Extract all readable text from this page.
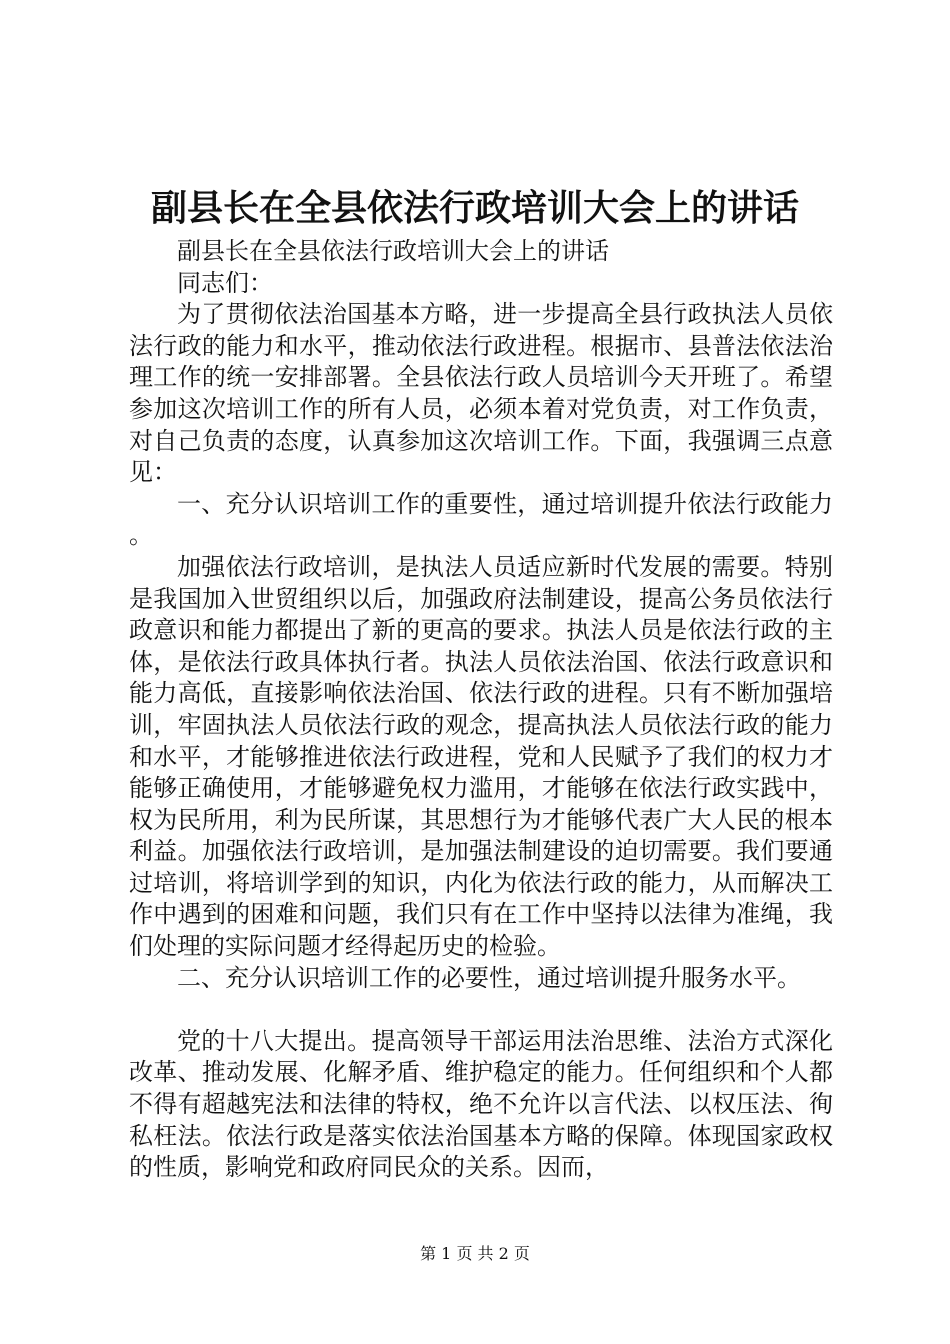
副县长在全县依法行政培训大会上的讲话

副县长在全县依法行政培训大会上的讲话

同志们：

为了贯彻依法治国基本方略，进一步提高全县行政执法人员依法行政的能力和水平，推动依法行政进程。根据市、县普法依法治理工作的统一安排部署。全县依法行政人员培训今天开班了。希望参加这次培训工作的所有人员，必须本着对党负责，对工作负责，对自己负责的态度，认真参加这次培训工作。下面，我强调三点意见：

一、充分认识培训工作的重要性，通过培训提升依法行政能力。

加强依法行政培训，是执法人员适应新时代发展的需要。特别是我国加入世贸组织以后，加强政府法制建设，提高公务员依法行政意识和能力都提出了新的更高的要求。执法人员是依法行政的主体，是依法行政具体执行者。执法人员依法治国、依法行政意识和能力高低，直接影响依法治国、依法行政的进程。只有不断加强培训，牢固执法人员依法行政的观念，提高执法人员依法行政的能力和水平，才能够推进依法行政进程，党和人民赋予了我们的权力才能够正确使用，才能够避免权力滥用，才能够在依法行政实践中，权为民所用，利为民所谋，其思想行为才能够代表广大人民的根本利益。加强依法行政培训，是加强法制建设的迫切需要。我们要通过培训，将培训学到的知识，内化为依法行政的能力，从而解决工作中遇到的困难和问题，我们只有在工作中坚持以法律为准绳，我们处理的实际问题才经得起历史的检验。

二、充分认识培训工作的必要性，通过培训提升服务水平。

党的十八大提出。提高领导干部运用法治思维、法治方式深化改革、推动发展、化解矛盾、维护稳定的能力。任何组织和个人都不得有超越宪法和法律的特权，绝不允许以言代法、以权压法、徇私枉法。依法行政是落实依法治国基本方略的保障。体现国家政权的性质，影响党和政府同民众的关系。因而，

第 1 页 共 2 页
